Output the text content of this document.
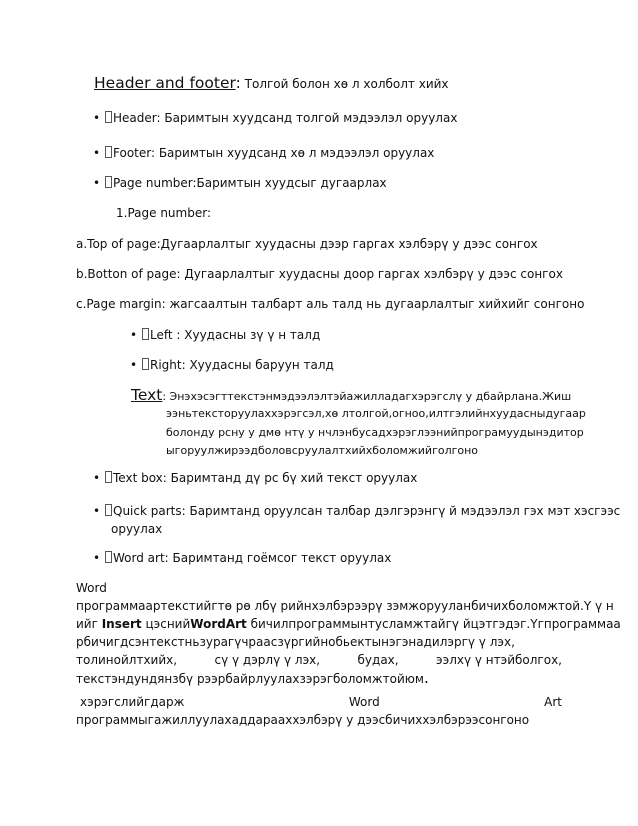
Header and footer: Толгой болон хө л холболт хийх
• Header: Баримтын хуудсанд толгой мэдээлэл оруулах
• Footer: Баримтын хуудсанд хө л мэдээлэл оруулах
• Page number:Баримтын хуудсыг дугаарлах
1.Page number:
a.Top of page:Дугаарлалтыг хуудасны дээр гаргах хэлбэрү у дээс сонгох
b.Botton of page: Дугаарлалтыг хуудасны доор гаргах хэлбэрү у дээс сонгох
c.Page margin: жагсаалтын талбарт аль талд нь дугаарлалтыг хийхийг сонгоно
• Left : Хуудасны зү ү н талд
• Right: Хуудасны баруун талд
Text: Энэхэсэгттекстэнмэдээлэлтэйажилладагхэрэгслү у дбайрлана.Жиш
ээньтексторуулаххэрэгсэл,хө лтолгой,огноо,илтгэлийнхуудасныдугаар
болонду рсну у дмө нтү у нчлэнбусадхэрэглээнийпрограмуудынэдитор
ыгоруулжирээдболовсруулалтхийхболомжийголгоно
• Text box: Баримтанд дү рс бү хий текст оруулах
• Quick parts: Баримтанд оруулсан талбар дэлгэрэнгү й мэдээлэл гэх мэт хэсгээс
оруулах
• Word art: Баримтанд гоёмсог текст оруулах
Word
программаартекстийгтө рө лбү рийнхэлбэрээрү зэмжорууланбичихболомжтой.Ү ү н
ийг Insert цэснийWordArt бичилпрограммынтусламжтайгү йцэтгэдэг.Үгпрограммаа
рбичигдсэнтекстньзурагүчраасзүргийнобьектынэгэнадилэргү ү лэх,
толинойлтхийх,	сү ү дэрлү ү лэх,	будах,	ээлхү ү нтэйболгох,
текстэндундянзбү рээрбайрлуулахзэрэгболомжтойюм.
хэрэгслийгдарж	Word	Art
программыгажиллуулахаддараахxэлбэрү у дээсбичихxэлбэрээсонгоно
